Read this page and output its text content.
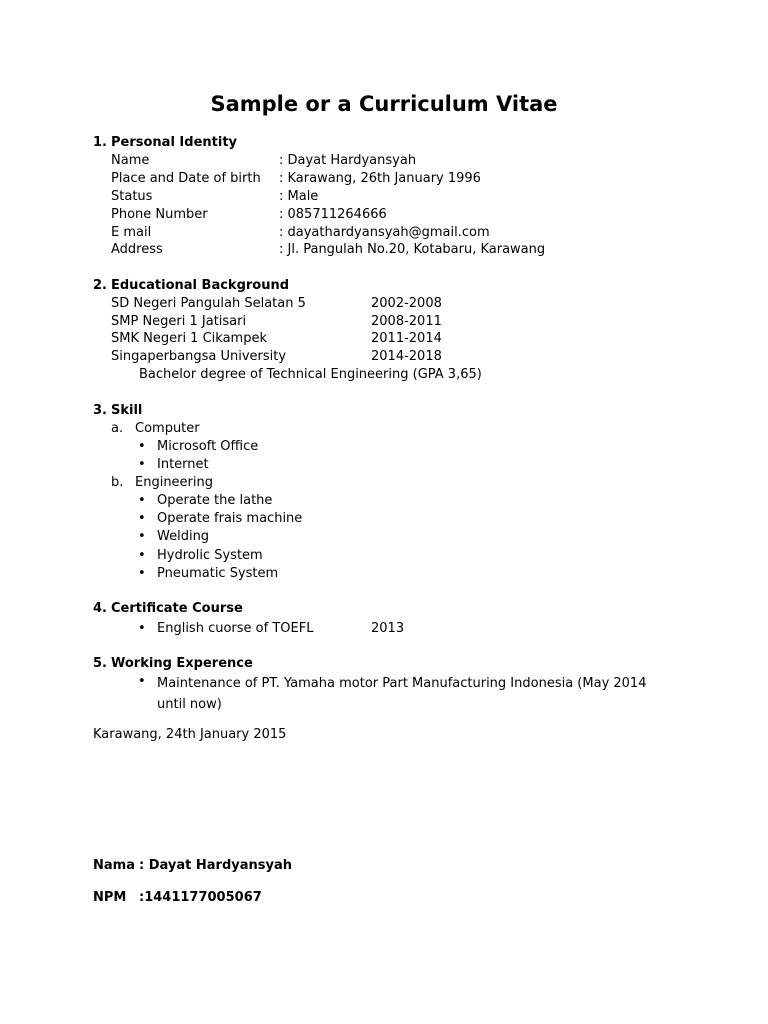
Sample or a Curriculum Vitae
1. Personal Identity
Name	: Dayat Hardyansyah
Place and Date of birth : Karawang, 26th January 1996
Status	: Male
Phone Number	: 085711264666
E mail	: dayathardyansyah@gmail.com
Address	: Jl. Pangulah No.20, Kotabaru, Karawang
2. Educational Background
SD Negeri Pangulah Selatan 5	2002-2008
SMP Negeri 1 Jatisari	2008-2011
SMK Negeri 1 Cikampek	2011-2014
Singaperbangsa University	2014-2018
Bachelor degree of Technical Engineering (GPA 3,65)
3. Skill
a. Computer
• Microsoft Office
• Internet
b. Engineering
• Operate the lathe
• Operate frais machine
• Welding
• Hydrolic System
• Pneumatic System
4. Certificate Course
• English cuorse of TOEFL	2013
5. Working Experence
• Maintenance of PT. Yamaha motor Part Manufacturing Indonesia (May 2014 until now)
Karawang, 24th January 2015
Nama : Dayat Hardyansyah
NPM :1441177005067
